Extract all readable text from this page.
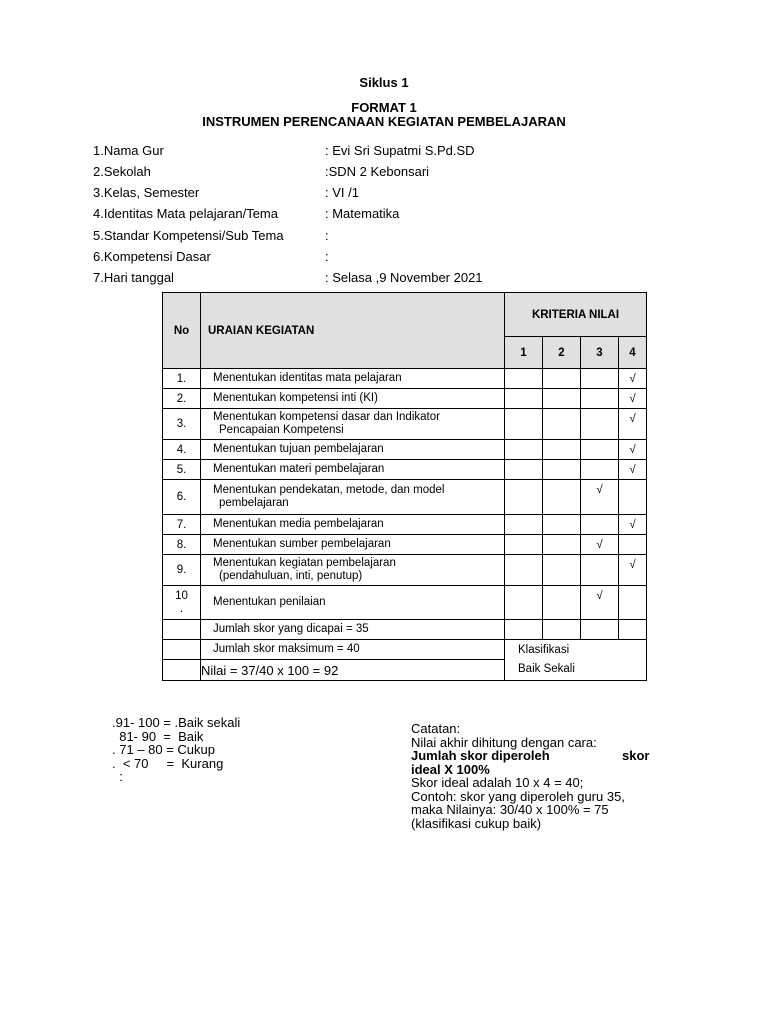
Siklus 1
FORMAT 1
INSTRUMEN PERENCANAAN KEGIATAN PEMBELAJARAN
1.Nama Gur	: Evi Sri Supatmi S.Pd.SD
2.Sekolah	:SDN 2 Kebonsari
3.Kelas, Semester	: VI /1
4.Identitas Mata pelajaran/Tema	: Matematika
5.Standar Kompetensi/Sub Tema	:
6.Kompetensi Dasar	:
7.Hari tanggal	: Selasa ,9 November 2021
No	URAIAN KEGIATAN	KRITERIA NILAI			
		1	2	3	4
1.	Menentukan identitas mata pelajaran				√
2.	Menentukan kompetensi inti (KI)				√
3.	Menentukan kompetensi dasar dan Indikator
Pencapaian Kompetensi				√
4.	Menentukan tujuan pembelajaran				√
5.	Menentukan materi pembelajaran				√
6.	Menentukan pendekatan, metode, dan model
pembelajaran			√	
7.	Menentukan media pembelajaran				√
8.	Menentukan sumber pembelajaran			√	
9.	Menentukan kegiatan pembelajaran
(pendahuluan, inti, penutup)				√

10
.	Menentukan penilaian			√	
	Jumlah skor yang dicapai = 35				
	Jumlah skor maksimum = 40	Klasifikasi
Baik Sekali			

	Nilai = 37/40 x 100 = 92				
.91- 100 = .Baik sekali
81- 90  =  Baik
. 71 – 80 = Cukup
.  < 70     =  Kurang
:
Catatan:
Nilai akhir dihitung dengan cara:
Jumlah skor diperoleh	skor
ideal X 100%
Skor ideal adalah 10 x 4 = 40;
Contoh: skor yang diperoleh guru 35,
maka Nilainya: 30/40 x 100% = 75
(klasifikasi cukup baik)
